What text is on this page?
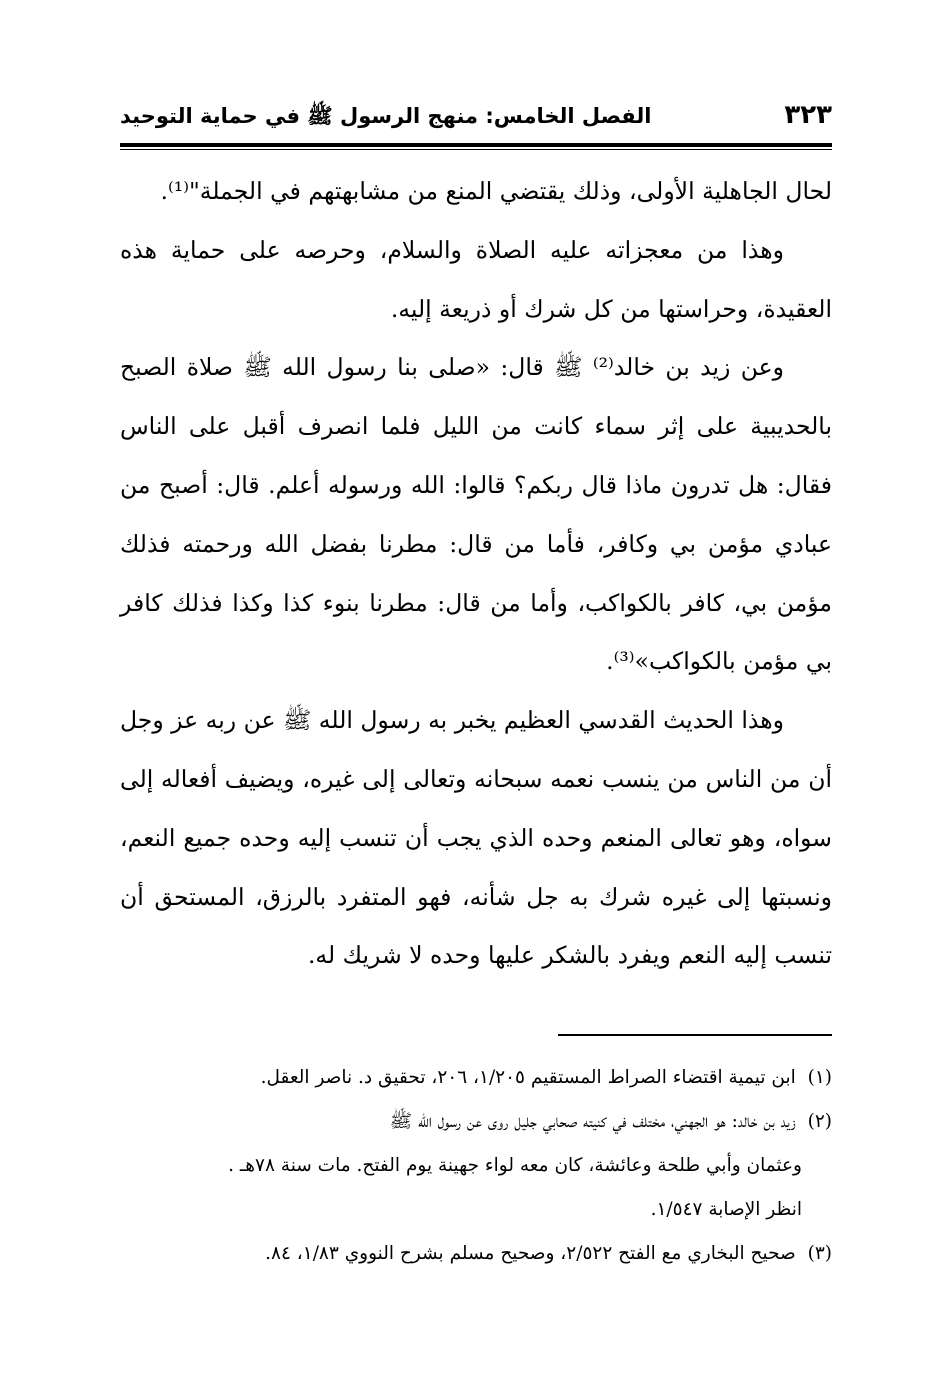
٣٢٣
الفصل الخامس: منهج الرسول ﷺ في حماية التوحيد

لحال الجاهلية الأولى، وذلك يقتضي المنع من مشابهتهم في الجملة"⁽¹⁾.

وهذا من معجزاته عليه الصلاة والسلام، وحرصه على حماية هذه العقيدة، وحراستها من كل شرك أو ذريعة إليه.

وعن زيد بن خالد⁽²⁾ ﷺ قال: «صلى بنا رسول الله ﷺ صلاة الصبح بالحديبية على إثر سماء كانت من الليل فلما انصرف أقبل على الناس فقال: هل تدرون ماذا قال ربكم؟ قالوا: الله ورسوله أعلم. قال: أصبح من عبادي مؤمن بي وكافر، فأما من قال: مطرنا بفضل الله ورحمته فذلك مؤمن بي، كافر بالكواكب، وأما من قال: مطرنا بنوء كذا وكذا فذلك كافر بي مؤمن بالكواكب»⁽³⁾.

وهذا الحديث القدسي العظيم يخبر به رسول الله ﷺ عن ربه عز وجل أن من الناس من ينسب نعمه سبحانه وتعالى إلى غيره، ويضيف أفعاله إلى سواه، وهو تعالى المنعم وحده الذي يجب أن تنسب إليه وحده جميع النعم، ونسبتها إلى غيره شرك به جل شأنه، فهو المتفرد بالرزق، المستحق أن تنسب إليه النعم ويفرد بالشكر عليها وحده لا شريك له.

(١) ابن تيمية اقتضاء الصراط المستقيم ١/٢٠٥، ٢٠٦، تحقيق د. ناصر العقل.

(٢) زيد بن خالد: هو الجهني، مختلف في كنيته صحابي جليل روى عن رسول الله ﷺ

وعثمان وأبي طلحة وعائشة، كان معه لواء جهينة يوم الفتح. مات سنة ٧٨هـ .

انظر الإصابة ١/٥٤٧.

(٣) صحيح البخاري مع الفتح ٢/٥٢٢، وصحيح مسلم بشرح النووي ١/٨٣، ٨٤.
